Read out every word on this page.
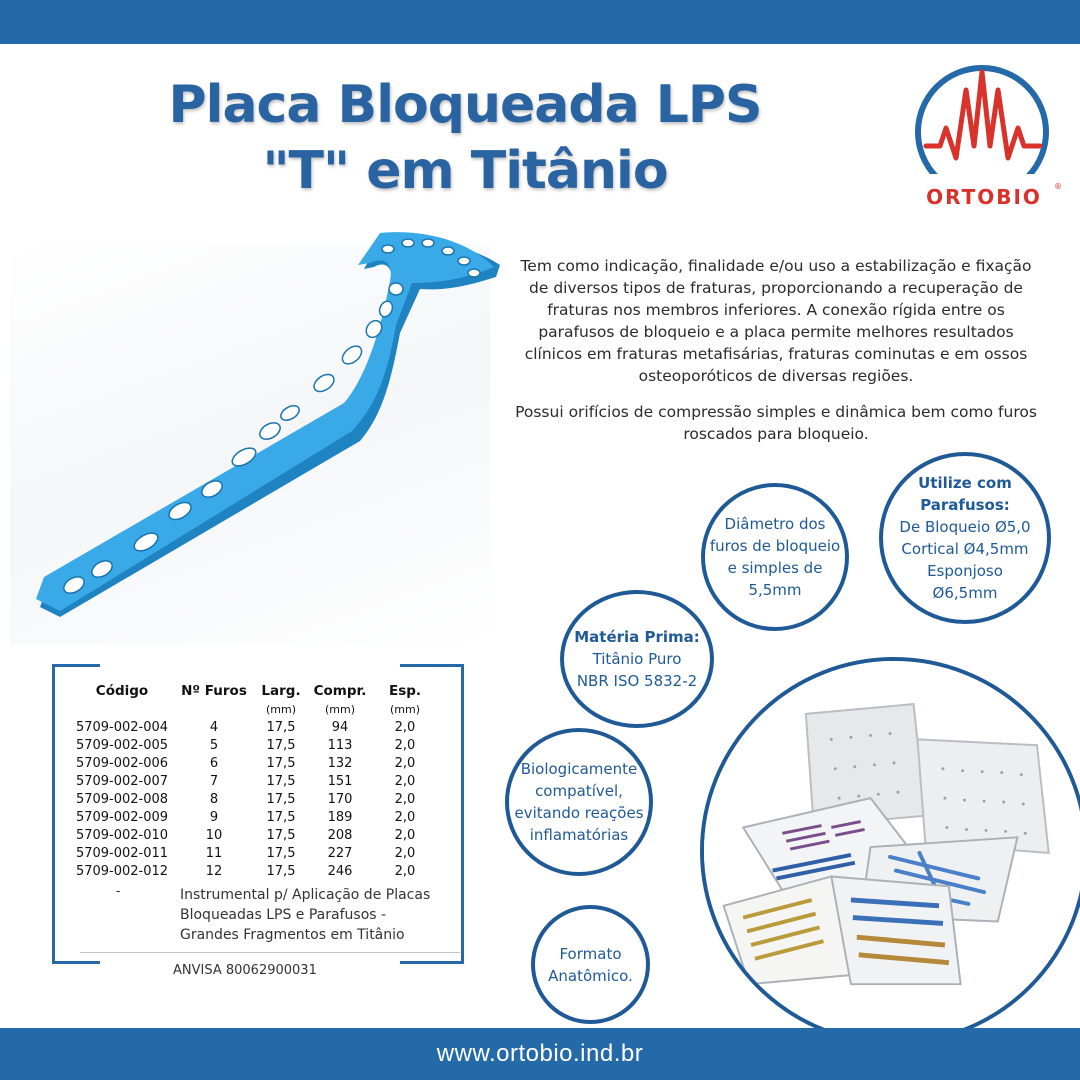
Placa Bloqueada LPS
"T" em Titânio	ORTOBIO ®

Tem como indicação, finalidade e/ou uso a estabilização e fixação de diversos tipos de fraturas, proporcionando a recuperação de fraturas nos membros inferiores. A conexão rígida entre os parafusos de bloqueio e a placa permite melhores resultados clínicos em fraturas metafisárias, fraturas cominutas e em ossos osteoporóticos de diversas regiões.

Possui orifícios de compressão simples e dinâmica bem como furos roscados para bloqueio.

Diâmetro dos
furos de bloqueio
e simples de
5,5mm
Utilize com
Parafusos:
De Bloqueio Ø5,0
Cortical Ø4,5mm
Esponjoso
Ø6,5mm
Matéria Prima:
Titânio Puro
NBR ISO 5832-2
Biologicamente
compatível,
evitando reações
inflamatórias
Formato
Anatômico.
Código	Nº Furos	Larg.	Compr.	Esp.
		(mm)	(mm)	(mm)
5709-002-004	4	17,5	94	2,0
5709-002-005	5	17,5	113	2,0
5709-002-006	6	17,5	132	2,0
5709-002-007	7	17,5	151	2,0
5709-002-008	8	17,5	170	2,0
5709-002-009	9	17,5	189	2,0
5709-002-010	10	17,5	208	2,0
5709-002-011	11	17,5	227	2,0
5709-002-012	12	17,5	246	2,0
-	Instrumental p/ Aplicação de Placas
Bloqueadas LPS e Parafusos -
Grandes Fragmentos em Titânio
ANVISA 80062900031
www.ortobio.ind.br
